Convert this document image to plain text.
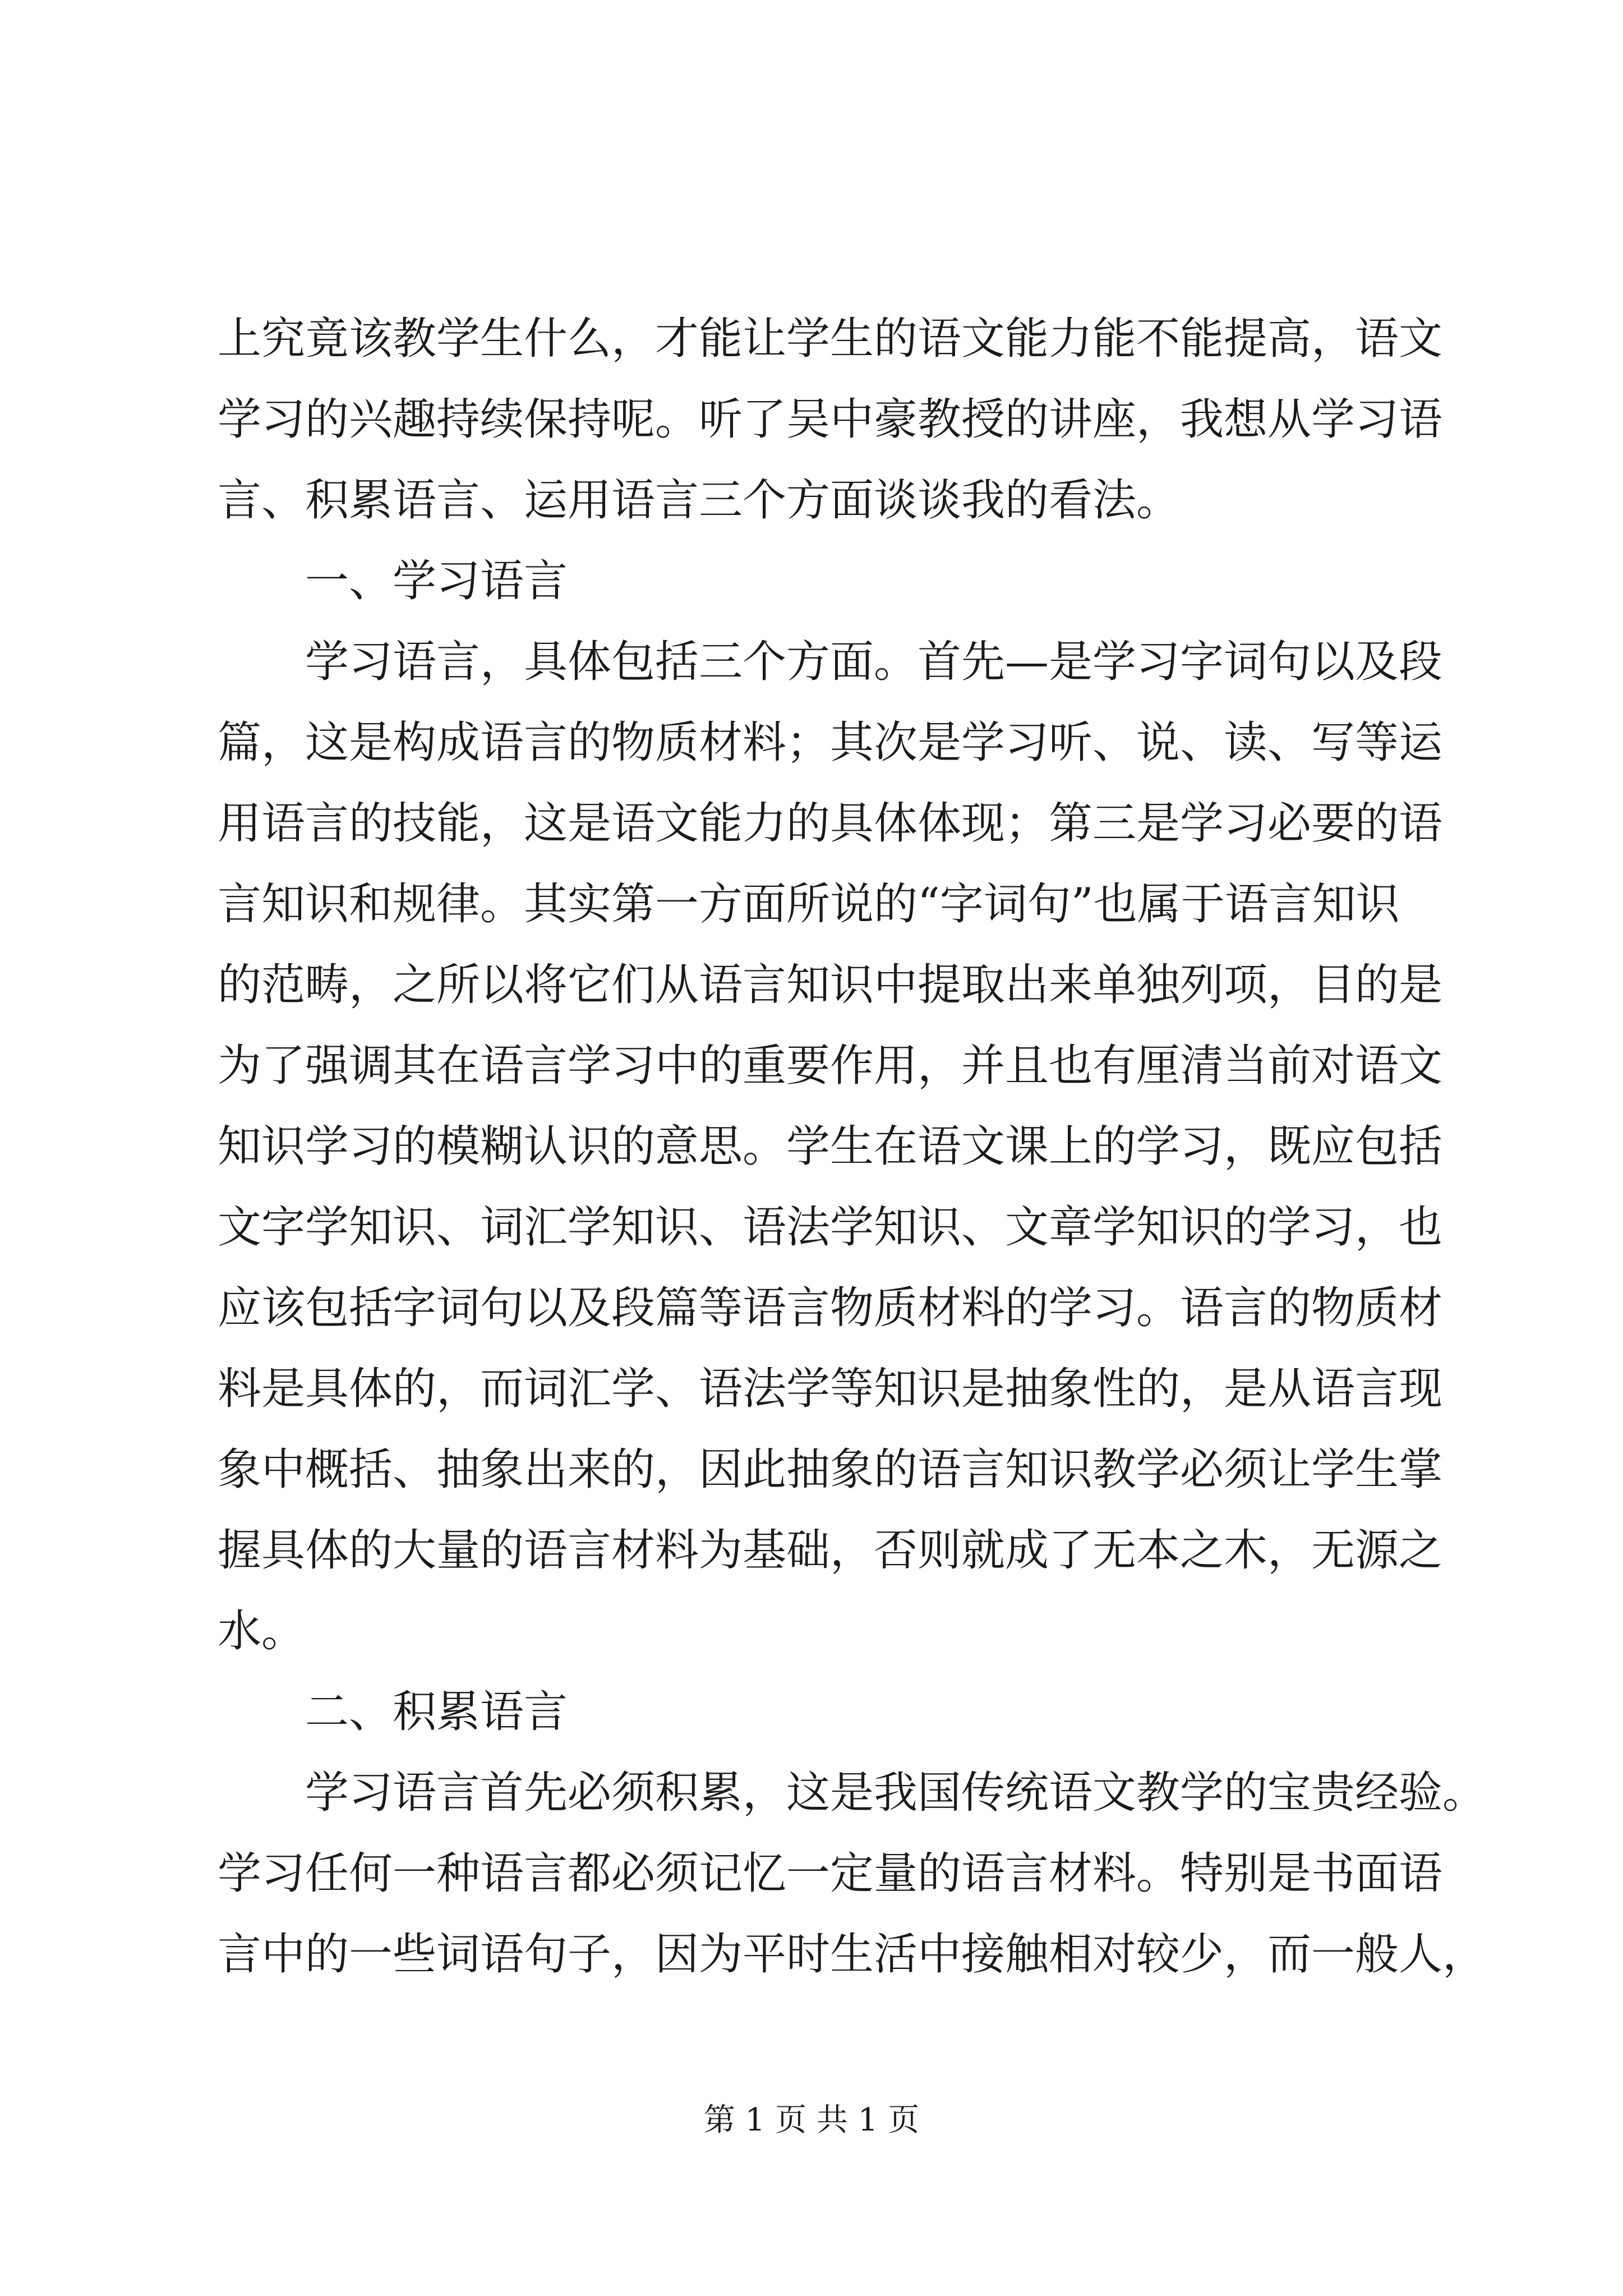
上究竟该教学生什么，才能让学生的语文能力能不能提高，语文
学习的兴趣持续保持呢。听了吴中豪教授的讲座，我想从学习语
言、积累语言、运用语言三个方面谈谈我的看法。
一、学习语言
学习语言，具体包括三个方面。首先—是学习字词句以及段
篇，这是构成语言的物质材料；其次是学习听、说、读、写等运
用语言的技能，这是语文能力的具体体现；第三是学习必要的语
言知识和规律。其实第一方面所说的“字词句”也属于语言知识
的范畴，之所以将它们从语言知识中提取出来单独列项，目的是
为了强调其在语言学习中的重要作用，并且也有厘清当前对语文
知识学习的模糊认识的意思。学生在语文课上的学习，既应包括
文字学知识、词汇学知识、语法学知识、文章学知识的学习，也
应该包括字词句以及段篇等语言物质材料的学习。语言的物质材
料是具体的，而词汇学、语法学等知识是抽象性的，是从语言现
象中概括、抽象出来的，因此抽象的语言知识教学必须让学生掌
握具体的大量的语言材料为基础，否则就成了无本之木，无源之
水。
二、积累语言
学习语言首先必须积累，这是我国传统语文教学的宝贵经验。
学习任何一种语言都必须记忆一定量的语言材料。特别是书面语
言中的一些词语句子，因为平时生活中接触相对较少，而一般人，
第 1 页 共 1 页
